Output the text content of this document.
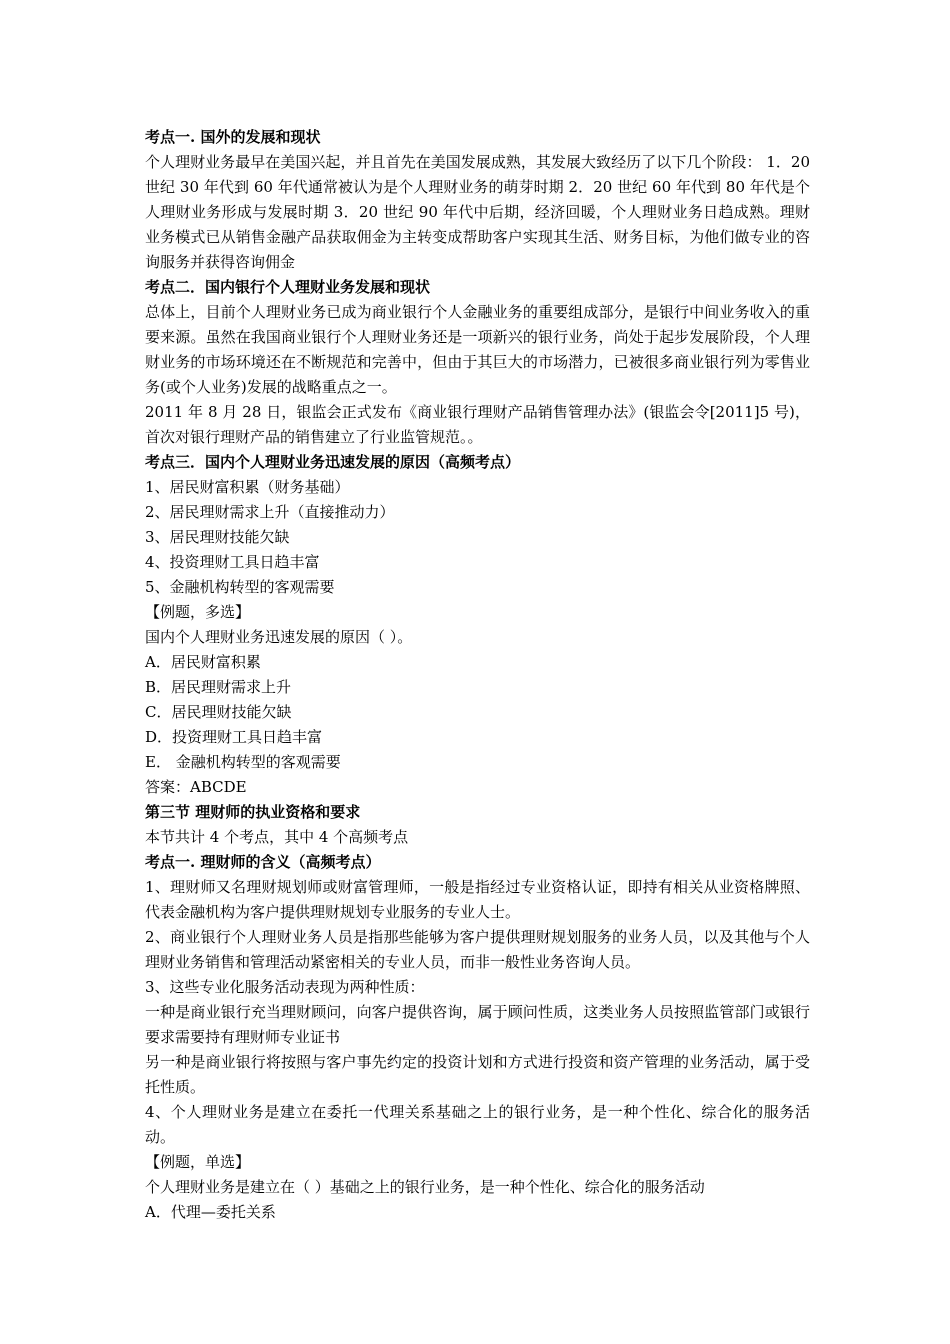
考点一. 国外的发展和现状

个人理财业务最早在美国兴起，并且首先在美国发展成熟，其发展大致经历了以下几个阶段： 1．20 世纪 30 年代到 60 年代通常被认为是个人理财业务的萌芽时期 2．20 世纪 60 年代到 80 年代是个人理财业务形成与发展时期 3．20 世纪 90 年代中后期，经济回暖，个人理财业务日趋成熟。理财业务模式已从销售金融产品获取佣金为主转变成帮助客户实现其生活、财务目标，为他们做专业的咨询服务并获得咨询佣金

考点二．国内银行个人理财业务发展和现状

总体上，目前个人理财业务已成为商业银行个人金融业务的重要组成部分，是银行中间业务收入的重要来源。虽然在我国商业银行个人理财业务还是一项新兴的银行业务，尚处于起步发展阶段，个人理财业务的市场环境还在不断规范和完善中，但由于其巨大的市场潜力，已被很多商业银行列为零售业务(或个人业务)发展的战略重点之一。

2011 年 8 月 28 日，银监会正式发布《商业银行理财产品销售管理办法》(银监会令[2011]5 号)，首次对银行理财产品的销售建立了行业监管规范。。

考点三．国内个人理财业务迅速发展的原因（高频考点）

1、居民财富积累（财务基础）

2、居民理财需求上升（直接推动力）

3、居民理财技能欠缺

4、投资理财工具日趋丰富

5、金融机构转型的客观需要

【例题，多选】

国内个人理财业务迅速发展的原因（ ）。

A．居民财富积累

B．居民理财需求上升

C．居民理财技能欠缺

D．投资理财工具日趋丰富

E． 金融机构转型的客观需要

答案：ABCDE

第三节 理财师的执业资格和要求

本节共计 4 个考点，其中 4 个高频考点

考点一. 理财师的含义（高频考点）

1、理财师又名理财规划师或财富管理师，一般是指经过专业资格认证，即持有相关从业资格牌照、代表金融机构为客户提供理财规划专业服务的专业人士。

2、商业银行个人理财业务人员是指那些能够为客户提供理财规划服务的业务人员，以及其他与个人理财业务销售和管理活动紧密相关的专业人员，而非一般性业务咨询人员。

3、这些专业化服务活动表现为两种性质：

一种是商业银行充当理财顾问，向客户提供咨询，属于顾问性质，这类业务人员按照监管部门或银行要求需要持有理财师专业证书

另一种是商业银行将按照与客户事先约定的投资计划和方式进行投资和资产管理的业务活动，属于受托性质。

4、个人理财业务是建立在委托一代理关系基础之上的银行业务，是一种个性化、综合化的服务活动。

【例题，单选】

个人理财业务是建立在（ ）基础之上的银行业务，是一种个性化、综合化的服务活动

A．代理—委托关系
